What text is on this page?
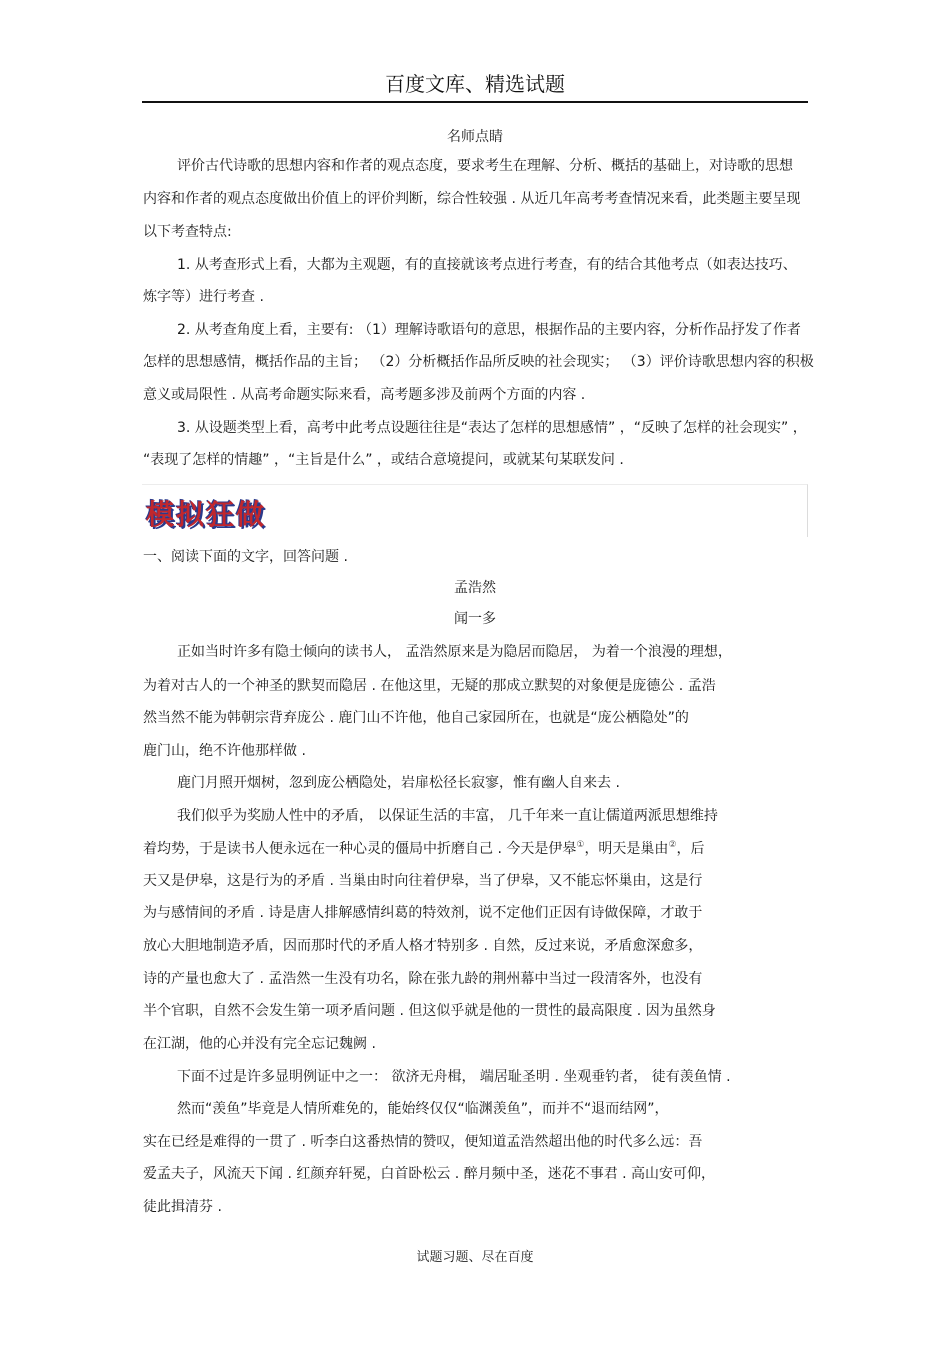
百度文库、精选试题
名师点睛
评价古代诗歌的思想内容和作者的观点态度，要求考生在理解、分析、概括的基础上，对诗歌的思想
内容和作者的观点态度做出价值上的评价判断，综合性较强 . 从近几年高考考查情况来看，此类题主要呈现
以下考查特点:
1. 从考查形式上看，大都为主观题，有的直接就该考点进行考查，有的结合其他考点（如表达技巧、
炼字等）进行考查 .
2. 从考查角度上看，主要有: （1）理解诗歌语句的意思，根据作品的主要内容，分析作品抒发了作者
怎样的思想感情，概括作品的主旨； （2）分析概括作品所反映的社会现实； （3）评价诗歌思想内容的积极
意义或局限性 . 从高考命题实际来看，高考题多涉及前两个方面的内容 .
3. 从设题类型上看，高考中此考点设题往往是“表达了怎样的思想感情” ，“反映了怎样的社会现实” ，
“表现了怎样的情趣” ，“主旨是什么” ，或结合意境提问，或就某句某联发问 .
模拟狂做
一、阅读下面的文字，回答问题 .
孟浩然
闻一多
正如当时许多有隐士倾向的读书人， 孟浩然原来是为隐居而隐居， 为着一个浪漫的理想，
为着对古人的一个神圣的默契而隐居 . 在他这里，无疑的那成立默契的对象便是庞德公 . 孟浩
然当然不能为韩朝宗背弃庞公 . 鹿门山不许他，他自己家园所在，也就是“庞公栖隐处”的
鹿门山，绝不许他那样做 .
鹿门月照开烟树，忽到庞公栖隐处，岩扉松径长寂寥，惟有幽人自来去 .
我们似乎为奖励人性中的矛盾， 以保证生活的丰富， 几千年来一直让儒道两派思想维持
着均势，于是读书人便永远在一种心灵的僵局中折磨自己 . 今天是伊皋①，明天是巢由②，后
天又是伊皋，这是行为的矛盾 . 当巢由时向往着伊皋，当了伊皋，又不能忘怀巢由，这是行
为与感情间的矛盾 . 诗是唐人排解感情纠葛的特效剂，说不定他们正因有诗做保障，才敢于
放心大胆地制造矛盾，因而那时代的矛盾人格才特别多 . 自然，反过来说，矛盾愈深愈多，
诗的产量也愈大了 . 孟浩然一生没有功名，除在张九龄的荆州幕中当过一段清客外，也没有
半个官职，自然不会发生第一项矛盾问题 . 但这似乎就是他的一贯性的最高限度 . 因为虽然身
在江湖，他的心并没有完全忘记魏阙 .
下面不过是许多显明例证中之一： 欲济无舟楫， 端居耻圣明 . 坐观垂钓者， 徒有羡鱼情 .
然而“羡鱼”毕竟是人情所难免的，能始终仅仅“临渊羡鱼”，而并不“退而结网”，
实在已经是难得的一贯了 . 听李白这番热情的赞叹，便知道孟浩然超出他的时代多么远：吾
爱孟夫子，风流天下闻 . 红颜弃轩冕，白首卧松云 . 醉月频中圣，迷花不事君 . 高山安可仰，
徒此揖清芬 .
试题习题、尽在百度
